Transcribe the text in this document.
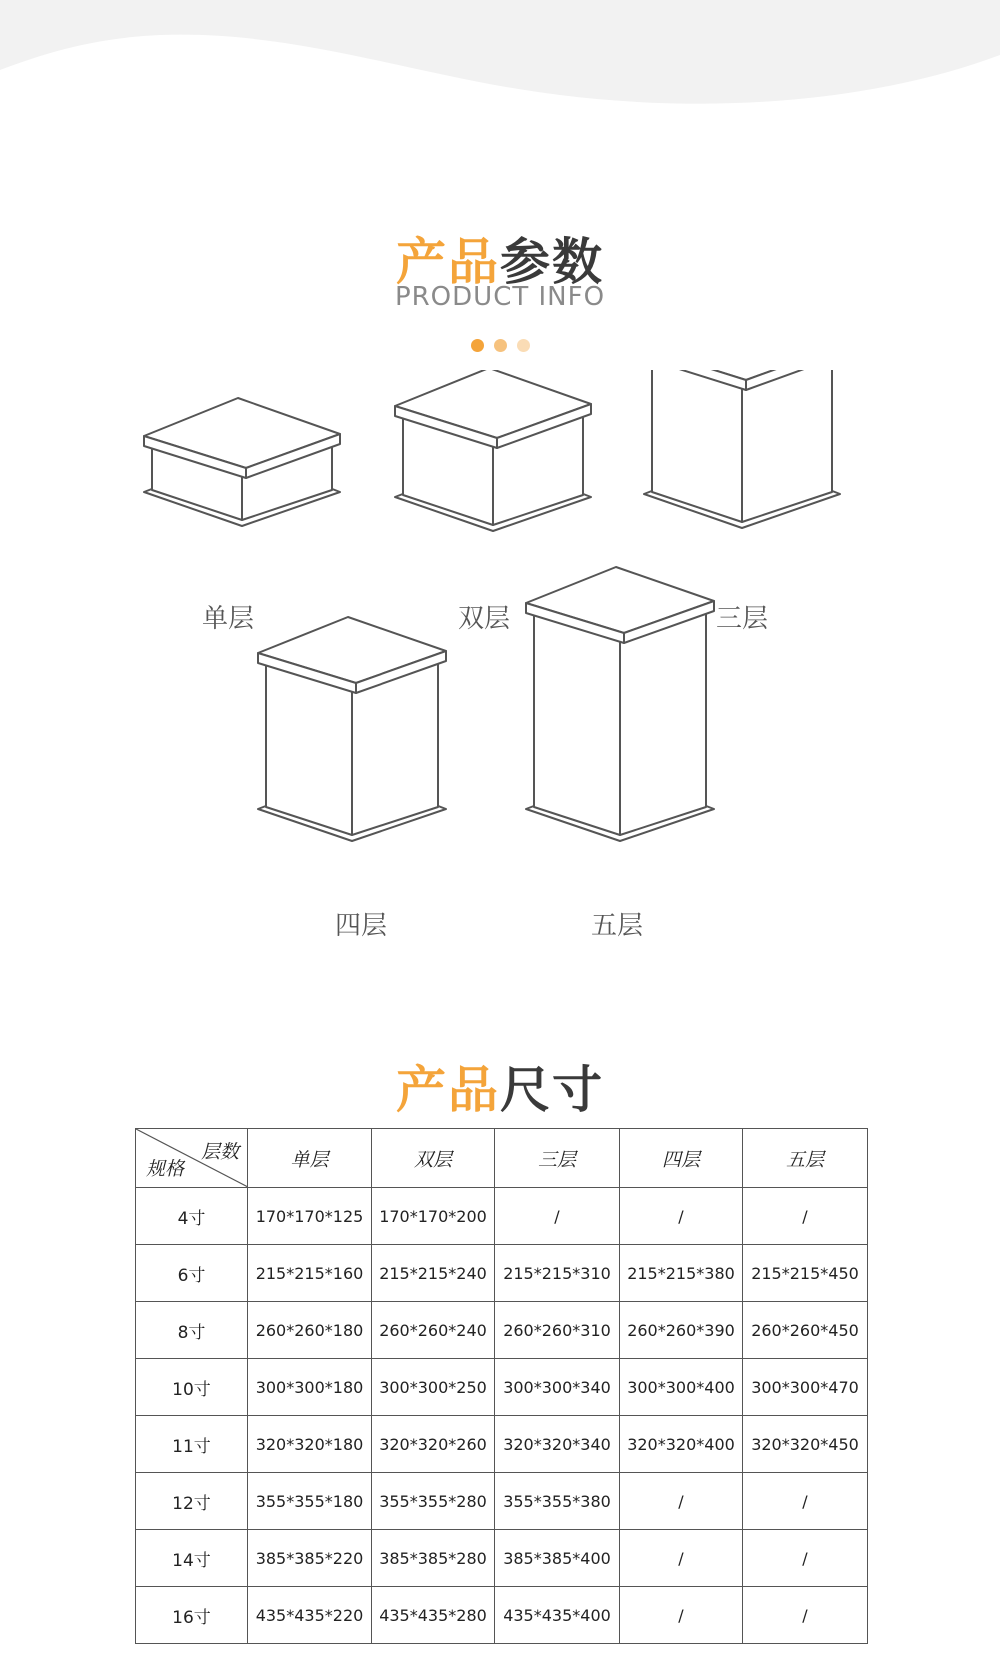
产品参数
PRODUCT INFO
单层	双层	三层
四层	五层
产品尺寸
层数
规格	单层	双层	三层	四层	五层
4寸	170*170*125	170*170*200	/	/	/
6寸	215*215*160	215*215*240	215*215*310	215*215*380	215*215*450
8寸	260*260*180	260*260*240	260*260*310	260*260*390	260*260*450
10寸	300*300*180	300*300*250	300*300*340	300*300*400	300*300*470
11寸	320*320*180	320*320*260	320*320*340	320*320*400	320*320*450
12寸	355*355*180	355*355*280	355*355*380	/	/
14寸	385*385*220	385*385*280	385*385*400	/	/
16寸	435*435*220	435*435*280	435*435*400	/	/
